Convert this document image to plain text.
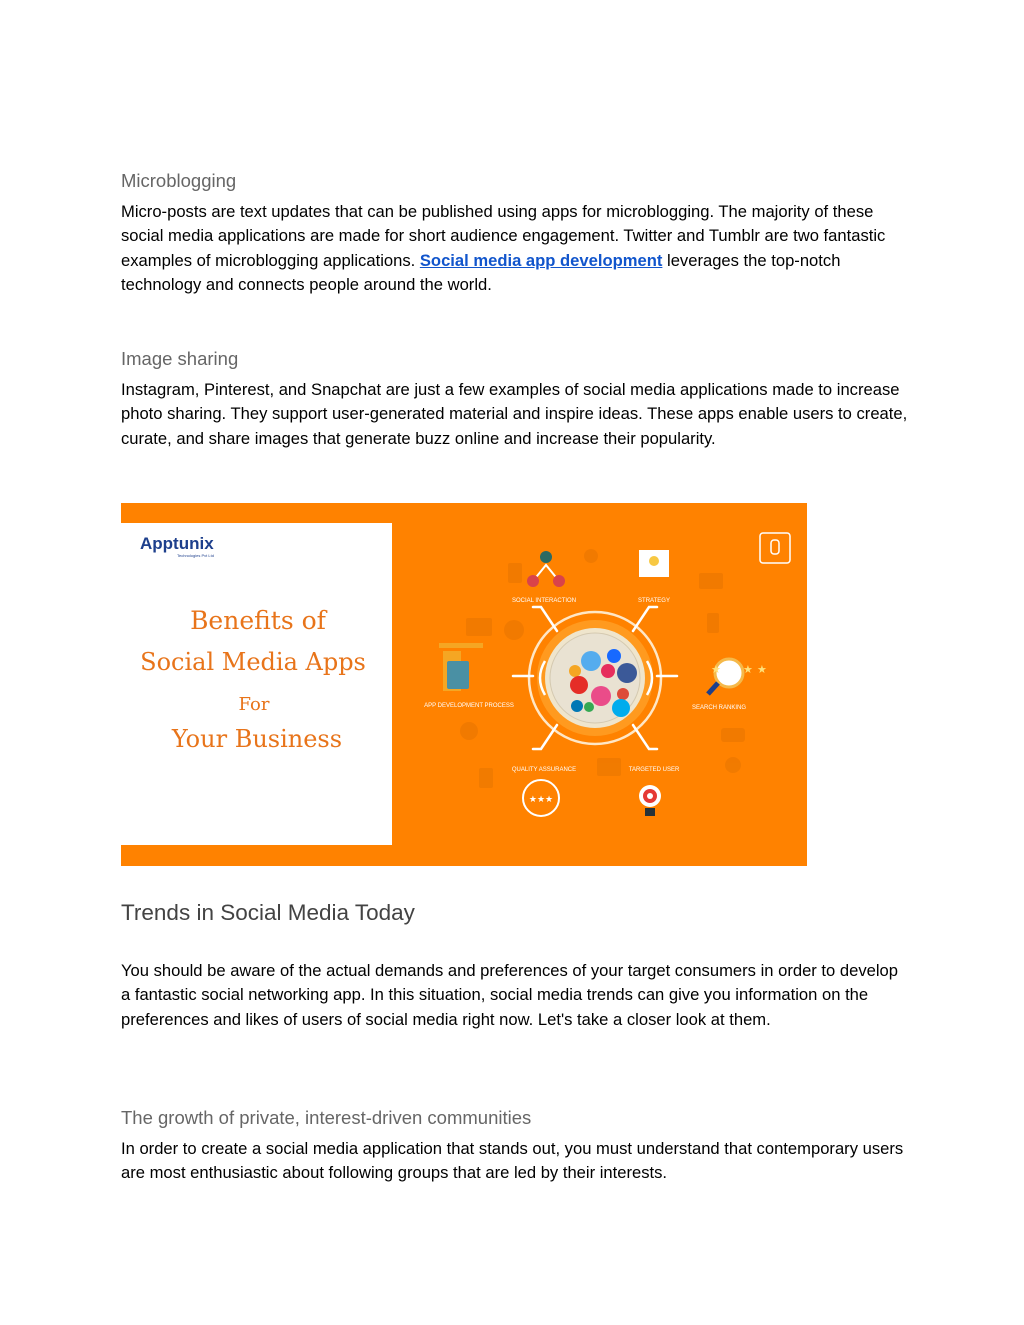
Microblogging

Micro-posts are text updates that can be published using apps for microblogging. The majority of these social media applications are made for short audience engagement. Twitter and Tumblr are two fantastic examples of microblogging applications. Social media app development leverages the top-notch technology and connects people around the world.

Image sharing

Instagram, Pinterest, and Snapchat are just a few examples of social media applications made to increase photo sharing. They support user-generated material and inspire ideas. These apps enable users to create, curate, and share images that generate buzz online and increase their popularity.

Apptunix
Technologies Pvt Ltd
Benefits of
Social Media Apps
For
Your Business
★ ★ ★
★★★
SOCIAL INTERACTION	STRATEGY
APP DEVELOPMENT PROCESS	SEARCH RANKING
QUALITY ASSURANCE	TARGETED USER
Trends in Social Media Today

You should be aware of the actual demands and preferences of your target consumers in order to develop a fantastic social networking app. In this situation, social media trends can give you information on the preferences and likes of users of social media right now. Let's take a closer look at them.

The growth of private, interest-driven communities

In order to create a social media application that stands out, you must understand that contemporary users are most enthusiastic about following groups that are led by their interests.
